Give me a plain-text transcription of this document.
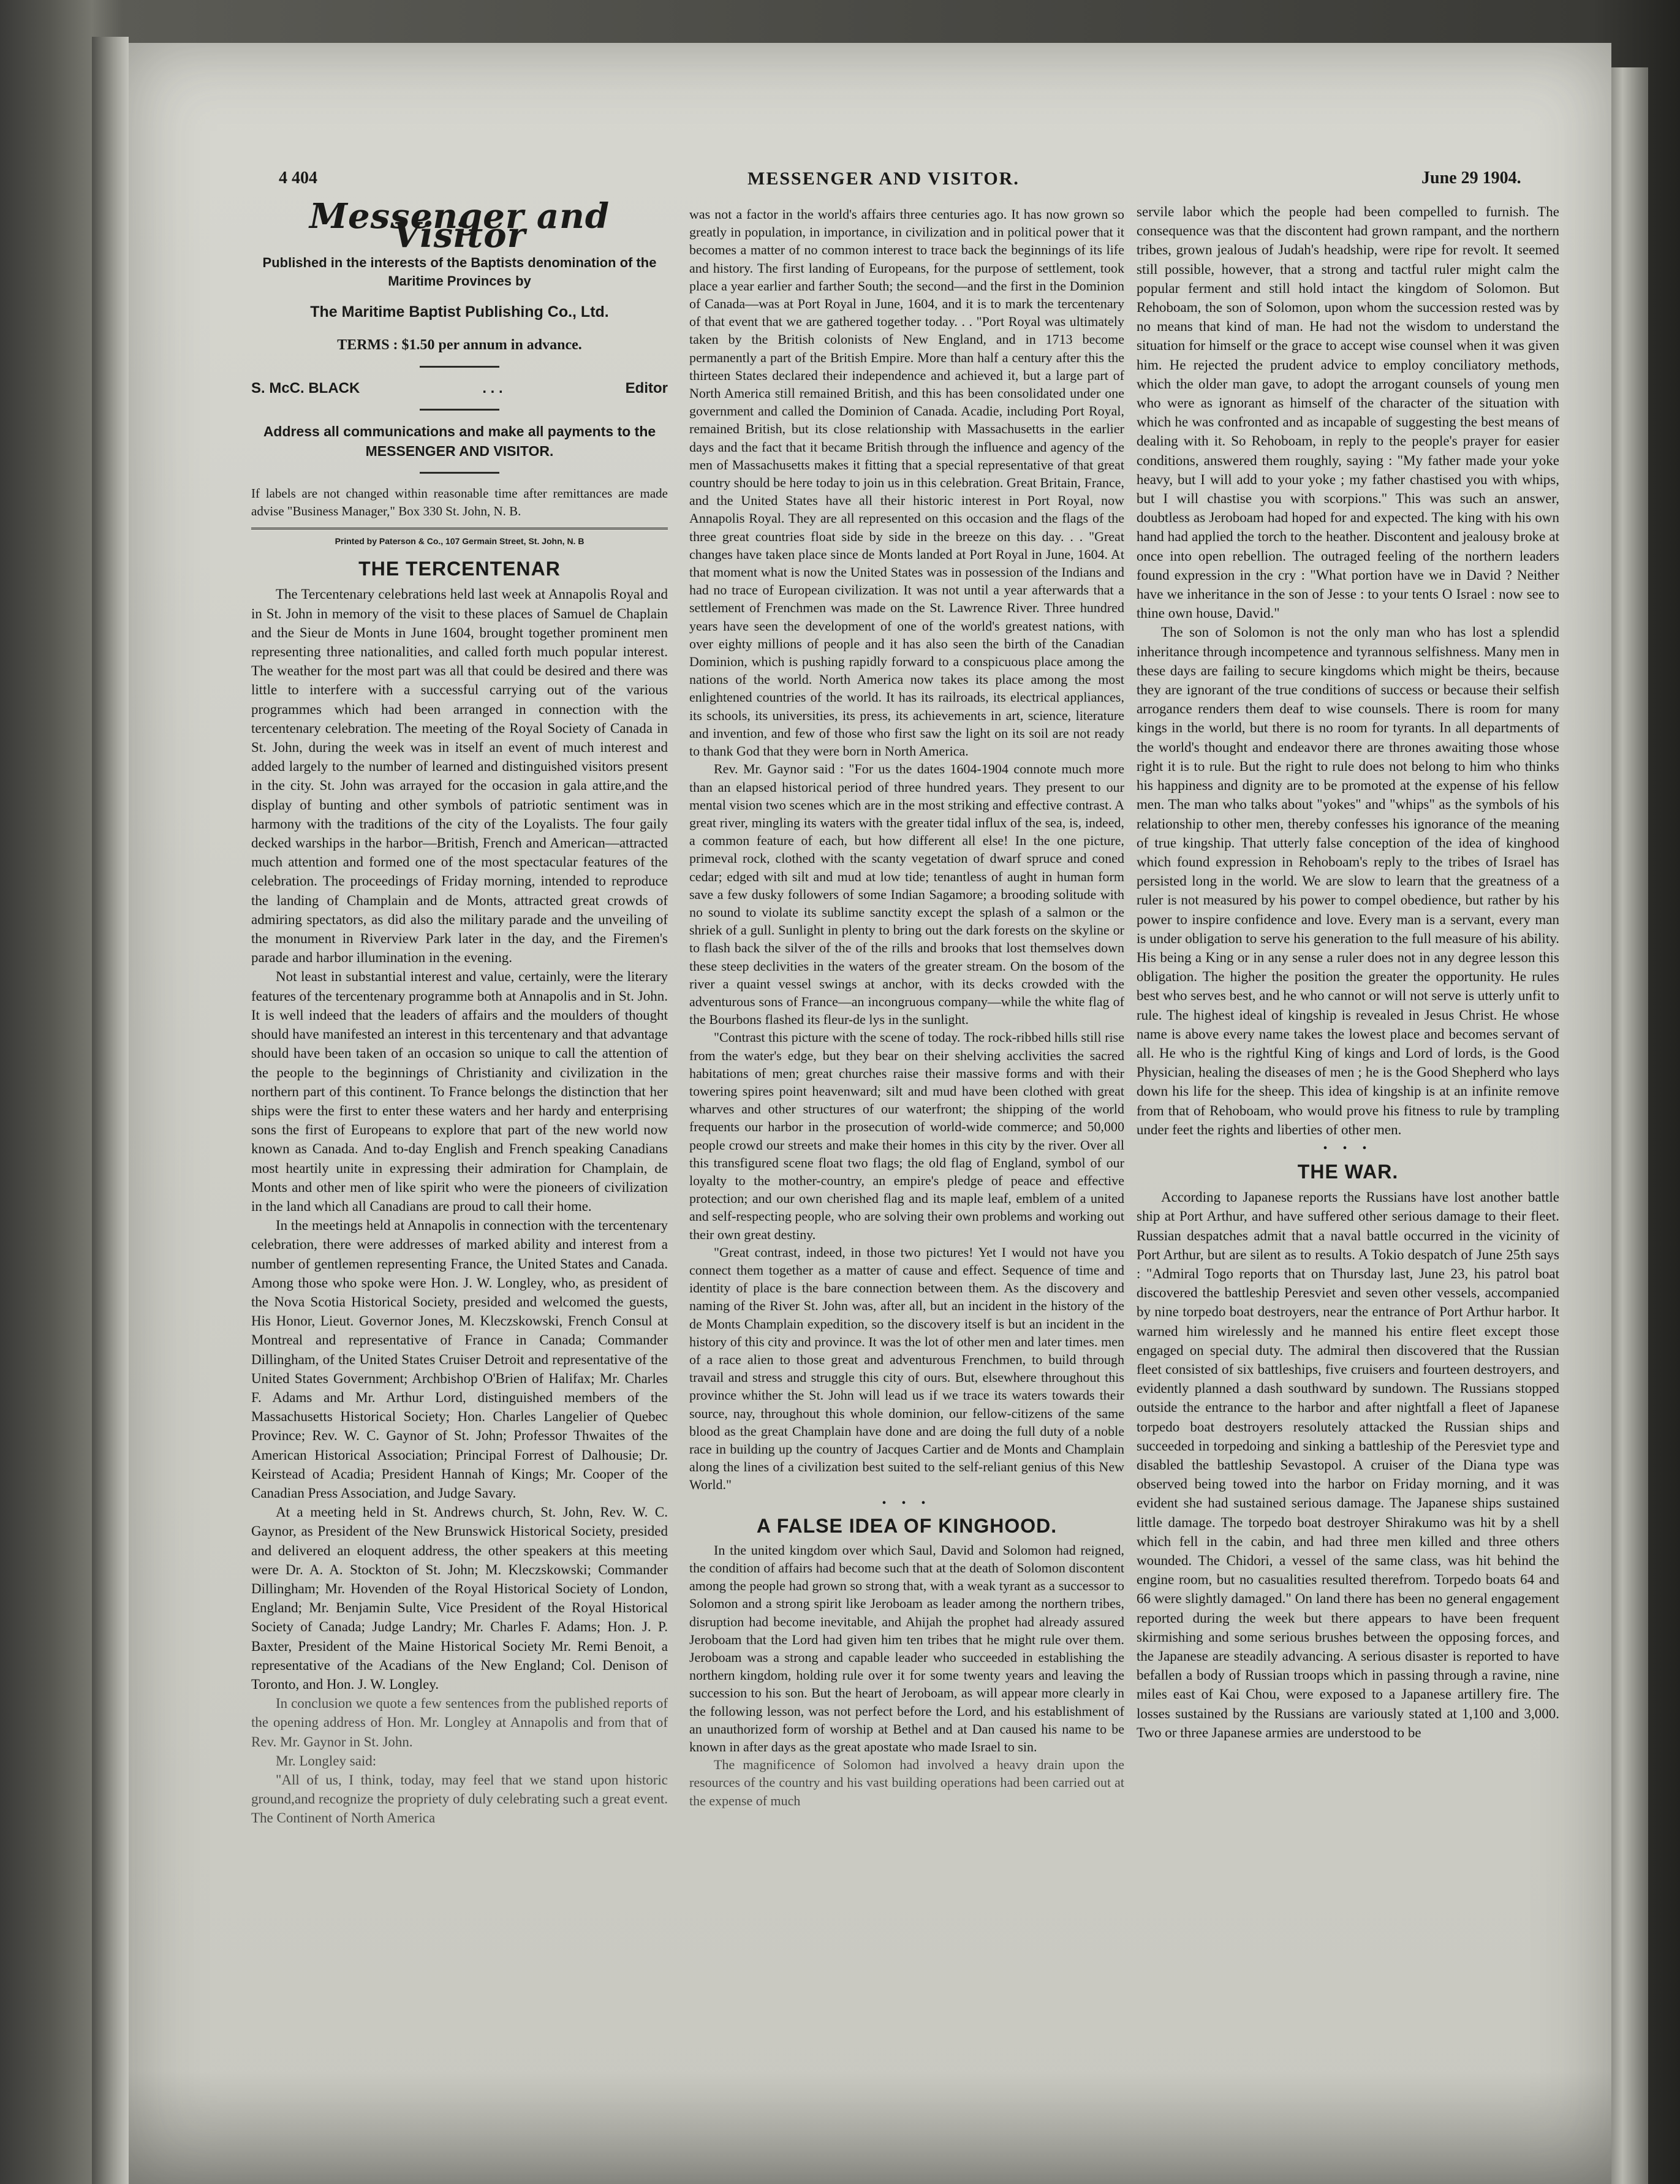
4 404	MESSENGER AND VISITOR.	June 29 1904.
Messenger and Visitor
Published in the interests of the Baptists denomination of the Maritime Provinces by
The Maritime Baptist Publishing Co., Ltd.
TERMS : $1.50 per annum in advance.
S. McC. BLACK	. . .	Editor
Address all communications and make all payments to the MESSENGER AND VISITOR.
If labels are not changed within reasonable time after remittances are made advise "Business Manager," Box 330 St. John, N. B.
Printed by Paterson & Co., 107 Germain Street, St. John, N. B
THE TERCENTENAR

The Tercentenary celebrations held last week at Annapolis Royal and in St. John in memory of the visit to these places of Samuel de Chaplain and the Sieur de Monts in June 1604, brought together prominent men representing three nationalities, and called forth much popular interest. The weather for the most part was all that could be desired and there was little to interfere with a successful carrying out of the various programmes which had been arranged in connection with the tercentenary celebration. The meeting of the Royal Society of Canada in St. John, during the week was in itself an event of much interest and added largely to the number of learned and distinguished visitors present in the city. St. John was arrayed for the occasion in gala attire,and the display of bunting and other symbols of patriotic sentiment was in harmony with the traditions of the city of the Loyalists. The four gaily decked warships in the harbor—British, French and American—attracted much attention and formed one of the most spectacular features of the celebration. The proceedings of Friday morning, intended to reproduce the landing of Champlain and de Monts, attracted great crowds of admiring spectators, as did also the military parade and the unveiling of the monument in Riverview Park later in the day, and the Firemen's parade and harbor illumination in the evening.

Not least in substantial interest and value, certainly, were the literary features of the tercentenary programme both at Annapolis and in St. John. It is well indeed that the leaders of affairs and the moulders of thought should have manifested an interest in this tercentenary and that advantage should have been taken of an occasion so unique to call the attention of the people to the beginnings of Christianity and civilization in the northern part of this continent. To France belongs the distinction that her ships were the first to enter these waters and her hardy and enterprising sons the first of Europeans to explore that part of the new world now known as Canada. And to-day English and French speaking Canadians most heartily unite in expressing their admiration for Champlain, de Monts and other men of like spirit who were the pioneers of civilization in the land which all Canadians are proud to call their home.

In the meetings held at Annapolis in connection with the tercentenary celebration, there were addresses of marked ability and interest from a number of gentlemen representing France, the United States and Canada. Among those who spoke were Hon. J. W. Longley, who, as president of the Nova Scotia Historical Society, presided and welcomed the guests, His Honor, Lieut. Governor Jones, M. Kleczskowski, French Consul at Montreal and representative of France in Canada; Commander Dillingham, of the United States Cruiser Detroit and representative of the United States Government; Archbishop O'Brien of Halifax; Mr. Charles F. Adams and Mr. Arthur Lord, distinguished members of the Massachusetts Historical Society; Hon. Charles Langelier of Quebec Province; Rev. W. C. Gaynor of St. John; Professor Thwaites of the American Historical Association; Principal Forrest of Dalhousie; Dr. Keirstead of Acadia; President Hannah of Kings; Mr. Cooper of the Canadian Press Association, and Judge Savary.

At a meeting held in St. Andrews church, St. John, Rev. W. C. Gaynor, as President of the New Brunswick Historical Society, presided and delivered an eloquent address, the other speakers at this meeting were Dr. A. A. Stockton of St. John; M. Kleczskowski; Commander Dillingham; Mr. Hovenden of the Royal Historical Society of London, England; Mr. Benjamin Sulte, Vice President of the Royal Historical Society of Canada; Judge Landry; Mr. Charles F. Adams; Hon. J. P. Baxter, President of the Maine Historical Society Mr. Remi Benoit, a representative of the Acadians of the New England; Col. Denison of Toronto, and Hon. J. W. Longley.

In conclusion we quote a few sentences from the published reports of the opening address of Hon. Mr. Longley at Annapolis and from that of Rev. Mr. Gaynor in St. John.

Mr. Longley said:

"All of us, I think, today, may feel that we stand upon historic ground,and recognize the propriety of duly celebrating such a great event. The Continent of North America

was not a factor in the world's affairs three centuries ago. It has now grown so greatly in population, in importance, in civilization and in political power that it becomes a matter of no common interest to trace back the beginnings of its life and history. The first landing of Europeans, for the purpose of settlement, took place a year earlier and farther South; the second—and the first in the Dominion of Canada—was at Port Royal in June, 1604, and it is to mark the tercentenary of that event that we are gathered together today. . . "Port Royal was ultimately taken by the British colonists of New England, and in 1713 become permanently a part of the British Empire. More than half a century after this the thirteen States declared their independence and achieved it, but a large part of North America still remained British, and this has been consolidated under one government and called the Dominion of Canada. Acadie, including Port Royal, remained British, but its close relationship with Massachusetts in the earlier days and the fact that it became British through the influence and agency of the men of Massachusetts makes it fitting that a special representative of that great country should be here today to join us in this celebration. Great Britain, France, and the United States have all their historic interest in Port Royal, now Annapolis Royal. They are all represented on this occasion and the flags of the three great countries float side by side in the breeze on this day. . . "Great changes have taken place since de Monts landed at Port Royal in June, 1604. At that moment what is now the United States was in possession of the Indians and had no trace of European civilization. It was not until a year afterwards that a settlement of Frenchmen was made on the St. Lawrence River. Three hundred years have seen the development of one of the world's greatest nations, with over eighty millions of people and it has also seen the birth of the Canadian Dominion, which is pushing rapidly forward to a conspicuous place among the nations of the world. North America now takes its place among the most enlightened countries of the world. It has its railroads, its electrical appliances, its schools, its universities, its press, its achievements in art, science, literature and invention, and few of those who first saw the light on its soil are not ready to thank God that they were born in North America.

Rev. Mr. Gaynor said : "For us the dates 1604-1904 connote much more than an elapsed historical period of three hundred years. They present to our mental vision two scenes which are in the most striking and effective contrast. A great river, mingling its waters with the greater tidal influx of the sea, is, indeed, a common feature of each, but how different all else! In the one picture, primeval rock, clothed with the scanty vegetation of dwarf spruce and coned cedar; edged with silt and mud at low tide; tenantless of aught in human form save a few dusky followers of some Indian Sagamore; a brooding solitude with no sound to violate its sublime sanctity except the splash of a salmon or the shriek of a gull. Sunlight in plenty to bring out the dark forests on the skyline or to flash back the silver of the of the rills and brooks that lost themselves down these steep declivities in the waters of the greater stream. On the bosom of the river a quaint vessel swings at anchor, with its decks crowded with the adventurous sons of France—an incongruous company—while the white flag of the Bourbons flashed its fleur-de lys in the sunlight.

"Contrast this picture with the scene of today. The rock-ribbed hills still rise from the water's edge, but they bear on their shelving acclivities the sacred habitations of men; great churches raise their massive forms and with their towering spires point heavenward; silt and mud have been clothed with great wharves and other structures of our waterfront; the shipping of the world frequents our harbor in the prosecution of world-wide commerce; and 50,000 people crowd our streets and make their homes in this city by the river. Over all this transfigured scene float two flags; the old flag of England, symbol of our loyalty to the mother-country, an empire's pledge of peace and effective protection; and our own cherished flag and its maple leaf, emblem of a united and self-respecting people, who are solving their own problems and working out their own great destiny.

"Great contrast, indeed, in those two pictures! Yet I would not have you connect them together as a matter of cause and effect. Sequence of time and identity of place is the bare connection between them. As the discovery and naming of the River St. John was, after all, but an incident in the history of the de Monts Champlain expedition, so the discovery itself is but an incident in the history of this city and province. It was the lot of other men and later times. men of a race alien to those great and adventurous Frenchmen, to build through travail and stress and struggle this city of ours. But, elsewhere throughout this province whither the St. John will lead us if we trace its waters towards their source, nay, throughout this whole dominion, our fellow-citizens of the same blood as the great Champlain have done and are doing the full duty of a noble race in building up the country of Jacques Cartier and de Monts and Champlain along the lines of a civilization best suited to the self-reliant genius of this New World."

• • •
A FALSE IDEA OF KINGHOOD.

In the united kingdom over which Saul, David and Solomon had reigned, the condition of affairs had become such that at the death of Solomon discontent among the people had grown so strong that, with a weak tyrant as a successor to Solomon and a strong spirit like Jeroboam as leader among the northern tribes, disruption had become inevitable, and Ahijah the prophet had already assured Jeroboam that the Lord had given him ten tribes that he might rule over them. Jeroboam was a strong and capable leader who succeeded in establishing the northern kingdom, holding rule over it for some twenty years and leaving the succession to his son. But the heart of Jeroboam, as will appear more clearly in the following lesson, was not perfect before the Lord, and his establishment of an unauthorized form of worship at Bethel and at Dan caused his name to be known in after days as the great apostate who made Israel to sin.

The magnificence of Solomon had involved a heavy drain upon the resources of the country and his vast building operations had been carried out at the expense of much

servile labor which the people had been compelled to furnish. The consequence was that the discontent had grown rampant, and the northern tribes, grown jealous of Judah's headship, were ripe for revolt. It seemed still possible, however, that a strong and tactful ruler might calm the popular ferment and still hold intact the kingdom of Solomon. But Rehoboam, the son of Solomon, upon whom the succession rested was by no means that kind of man. He had not the wisdom to understand the situation for himself or the grace to accept wise counsel when it was given him. He rejected the prudent advice to employ conciliatory methods, which the older man gave, to adopt the arrogant counsels of young men who were as ignorant as himself of the character of the situation with which he was confronted and as incapable of suggesting the best means of dealing with it. So Rehoboam, in reply to the people's prayer for easier conditions, answered them roughly, saying : "My father made your yoke heavy, but I will add to your yoke ; my father chastised you with whips, but I will chastise you with scorpions." This was such an answer, doubtless as Jeroboam had hoped for and expected. The king with his own hand had applied the torch to the heather. Discontent and jealousy broke at once into open rebellion. The outraged feeling of the northern leaders found expression in the cry : "What portion have we in David ? Neither have we inheritance in the son of Jesse : to your tents O Israel : now see to thine own house, David."

The son of Solomon is not the only man who has lost a splendid inheritance through incompetence and tyrannous selfishness. Many men in these days are failing to secure kingdoms which might be theirs, because they are ignorant of the true conditions of success or because their selfish arrogance renders them deaf to wise counsels. There is room for many kings in the world, but there is no room for tyrants. In all departments of the world's thought and endeavor there are thrones awaiting those whose right it is to rule. But the right to rule does not belong to him who thinks his happiness and dignity are to be promoted at the expense of his fellow men. The man who talks about "yokes" and "whips" as the symbols of his relationship to other men, thereby confesses his ignorance of the meaning of true kingship. That utterly false conception of the idea of kinghood which found expression in Rehoboam's reply to the tribes of Israel has persisted long in the world. We are slow to learn that the greatness of a ruler is not measured by his power to compel obedience, but rather by his power to inspire confidence and love. Every man is a servant, every man is under obligation to serve his generation to the full measure of his ability. His being a King or in any sense a ruler does not in any degree lesson this obligation. The higher the position the greater the opportunity. He rules best who serves best, and he who cannot or will not serve is utterly unfit to rule. The highest ideal of kingship is revealed in Jesus Christ. He whose name is above every name takes the lowest place and becomes servant of all. He who is the rightful King of kings and Lord of lords, is the Good Physician, healing the diseases of men ; he is the Good Shepherd who lays down his life for the sheep. This idea of kingship is at an infinite remove from that of Rehoboam, who would prove his fitness to rule by trampling under feet the rights and liberties of other men.

• • •
THE WAR.

According to Japanese reports the Russians have lost another battle ship at Port Arthur, and have suffered other serious damage to their fleet. Russian despatches admit that a naval battle occurred in the vicinity of Port Arthur, but are silent as to results. A Tokio despatch of June 25th says : "Admiral Togo reports that on Thursday last, June 23, his patrol boat discovered the battleship Peresviet and seven other vessels, accompanied by nine torpedo boat destroyers, near the entrance of Port Arthur harbor. It warned him wirelessly and he manned his entire fleet except those engaged on special duty. The admiral then discovered that the Russian fleet consisted of six battleships, five cruisers and fourteen destroyers, and evidently planned a dash southward by sundown. The Russians stopped outside the entrance to the harbor and after nightfall a fleet of Japanese torpedo boat destroyers resolutely attacked the Russian ships and succeeded in torpedoing and sinking a battleship of the Peresviet type and disabled the battleship Sevastopol. A cruiser of the Diana type was observed being towed into the harbor on Friday morning, and it was evident she had sustained serious damage. The Japanese ships sustained little damage. The torpedo boat destroyer Shirakumo was hit by a shell which fell in the cabin, and had three men killed and three others wounded. The Chidori, a vessel of the same class, was hit behind the engine room, but no casualities resulted therefrom. Torpedo boats 64 and 66 were slightly damaged." On land there has been no general engagement reported during the week but there appears to have been frequent skirmishing and some serious brushes between the opposing forces, and the Japanese are steadily advancing. A serious disaster is reported to have befallen a body of Russian troops which in passing through a ravine, nine miles east of Kai Chou, were exposed to a Japanese artillery fire. The losses sustained by the Russians are variously stated at 1,100 and 3,000. Two or three Japanese armies are understood to be
